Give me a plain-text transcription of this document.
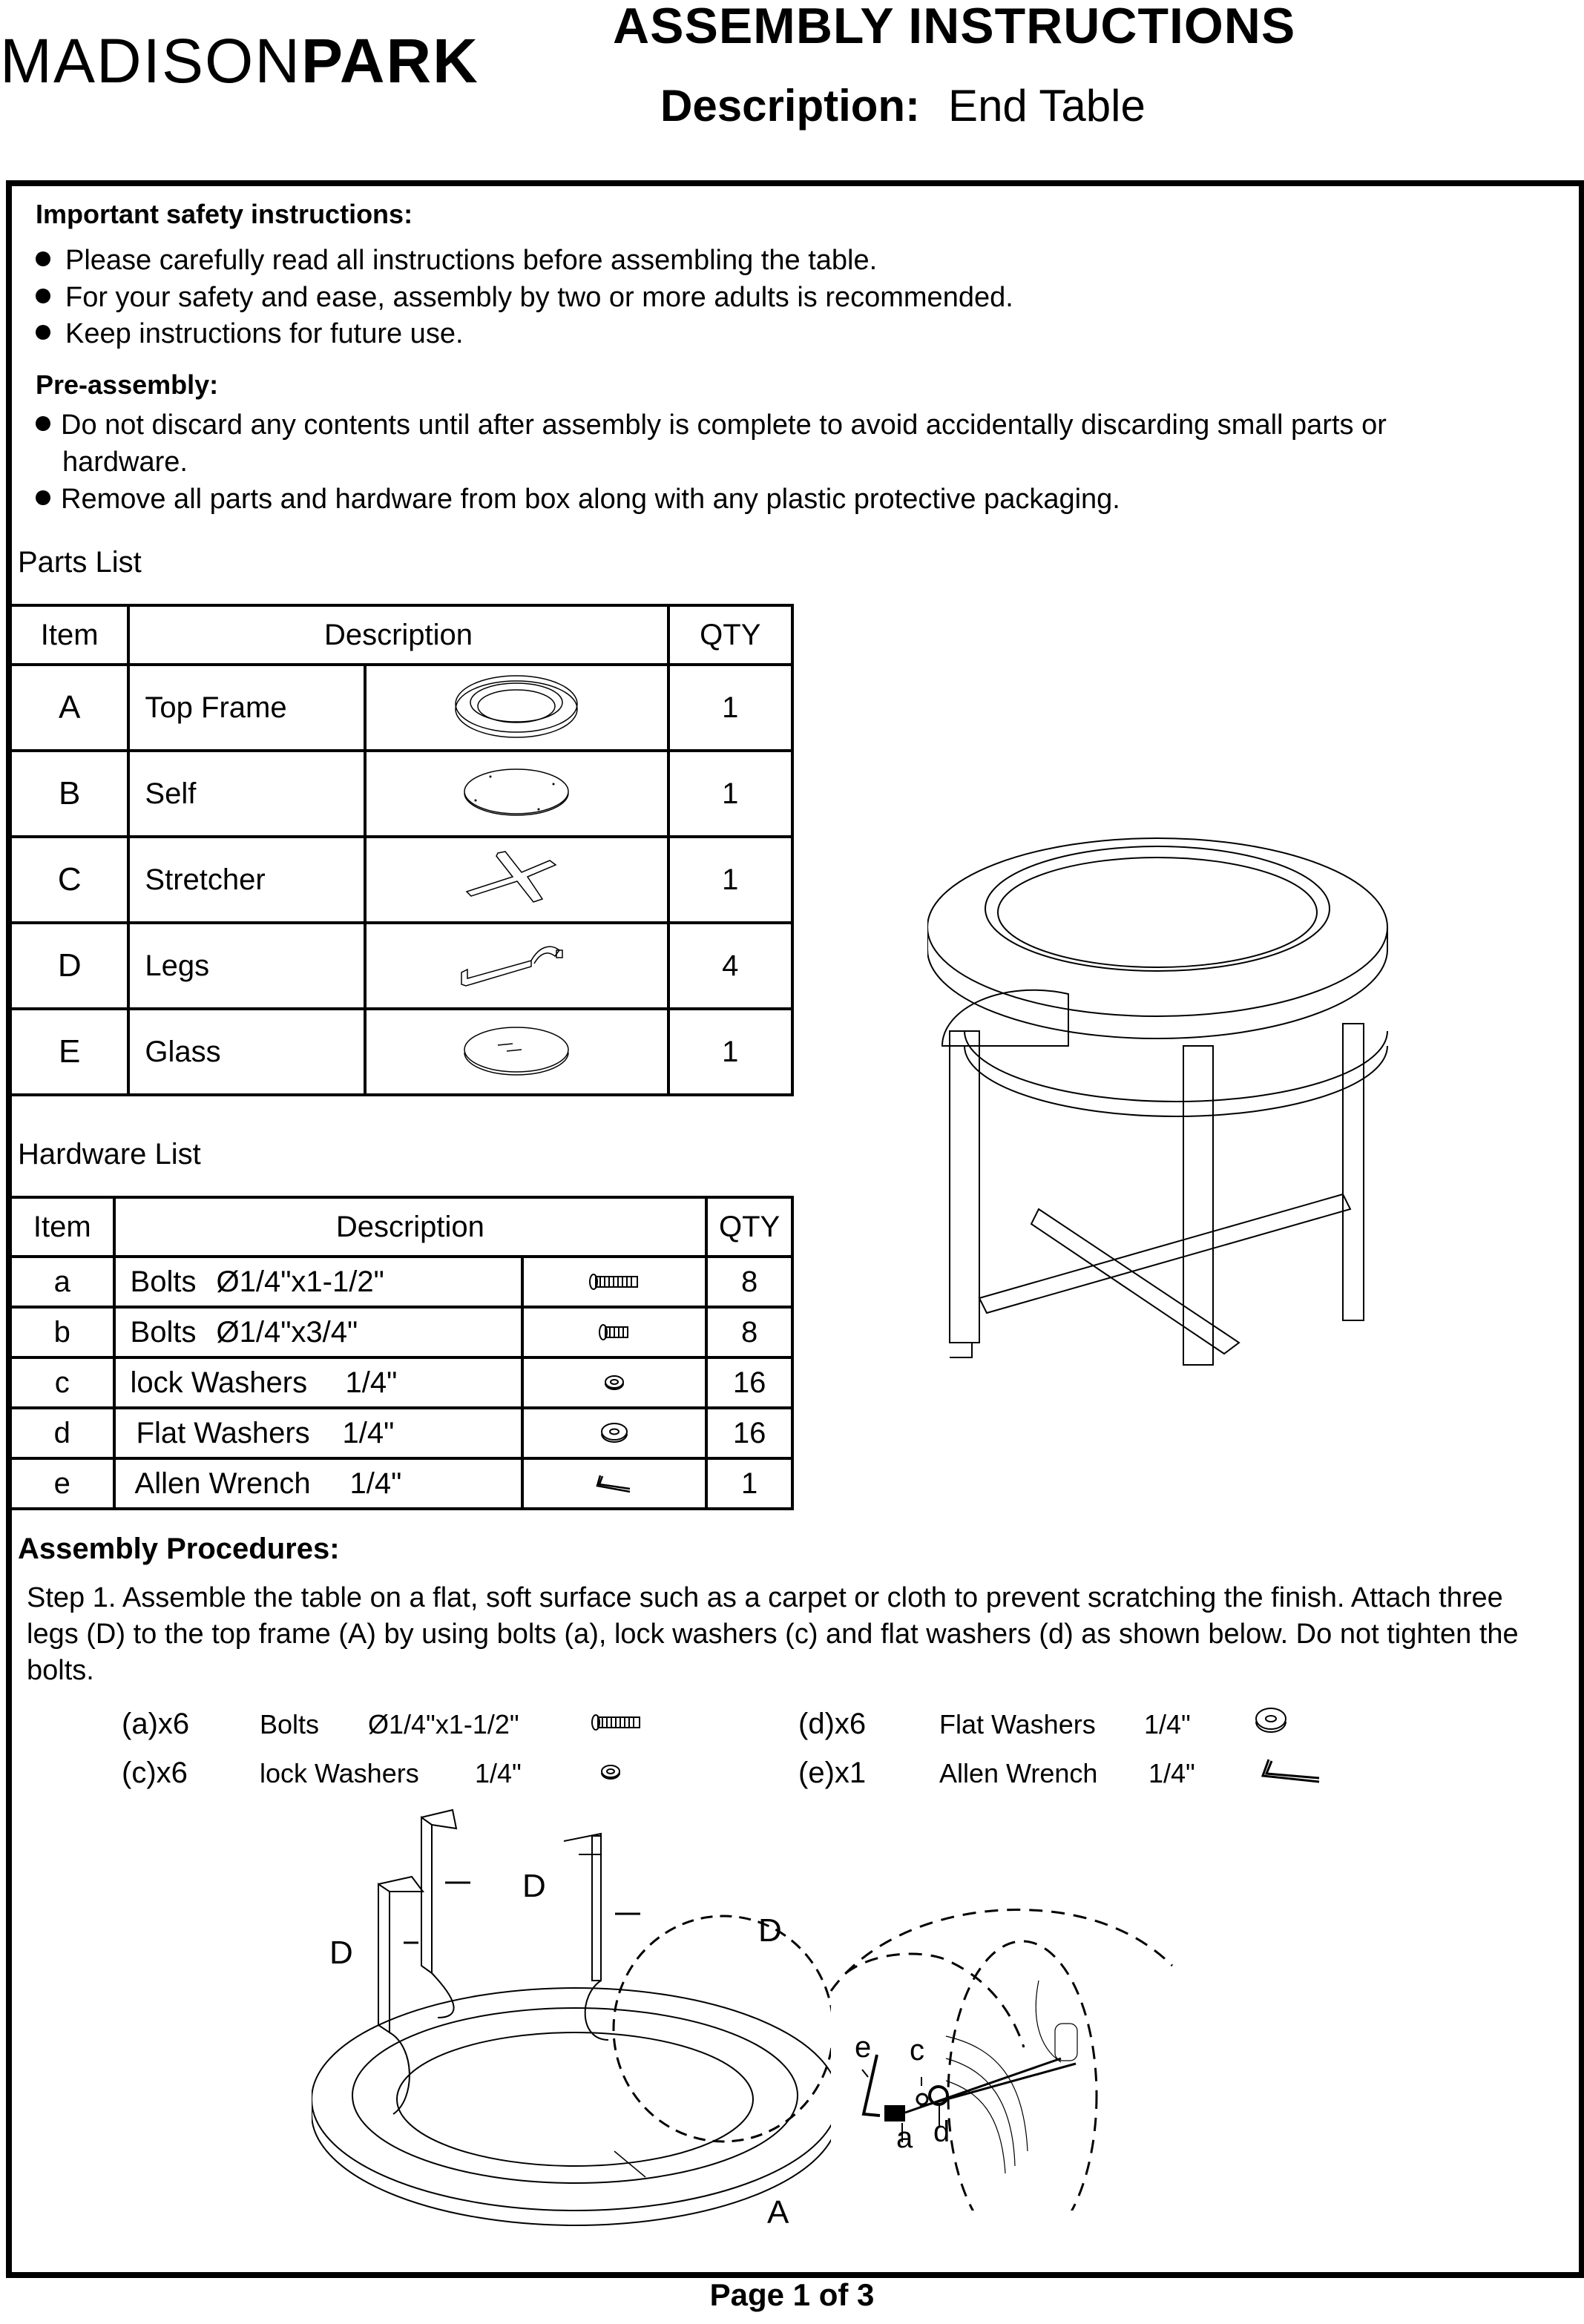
MADISONPARK	ASSEMBLY INSTRUCTIONS
Description: End Table
Important safety instructions:
Please carefully read all instructions before assembling the table.
For your safety and ease, assembly by two or more adults is recommended.
Keep instructions for future use.
Pre-assembly:
Do not discard any contents until after assembly is complete to avoid accidentally discarding small parts or
hardware.
Remove all parts and hardware from box along with any plastic protective packaging.
Parts List
Item	Description		QTY
A	Top Frame		1
B	Self		1
C	Stretcher		1
D	Legs		4
E	Glass		1
Hardware List
Item	Description		QTY
a	Bolts Ø1/4"x1-1/2"		8
b	Bolts Ø1/4"x3/4"		8
c	lock Washers 1/4"		16
d	Flat Washers 1/4"		16
e	Allen Wrench 1/4"		1
Assembly Procedures:
Step 1. Assemble the table on a flat, soft surface such as a carpet or cloth to prevent scratching the finish. Attach three legs (D) to the top frame (A) by using bolts (a), lock washers (c) and flat washers (d) as shown below. Do not tighten the bolts.
(a)x6	Bolts Ø1/4"x1-1/2"
(c)x6	lock Washers 1/4"
(d)x6	Flat Washers 1/4"
(e)x1	Allen Wrench 1/4"
D
D
D
A
e c
a d
Page 1 of 3
